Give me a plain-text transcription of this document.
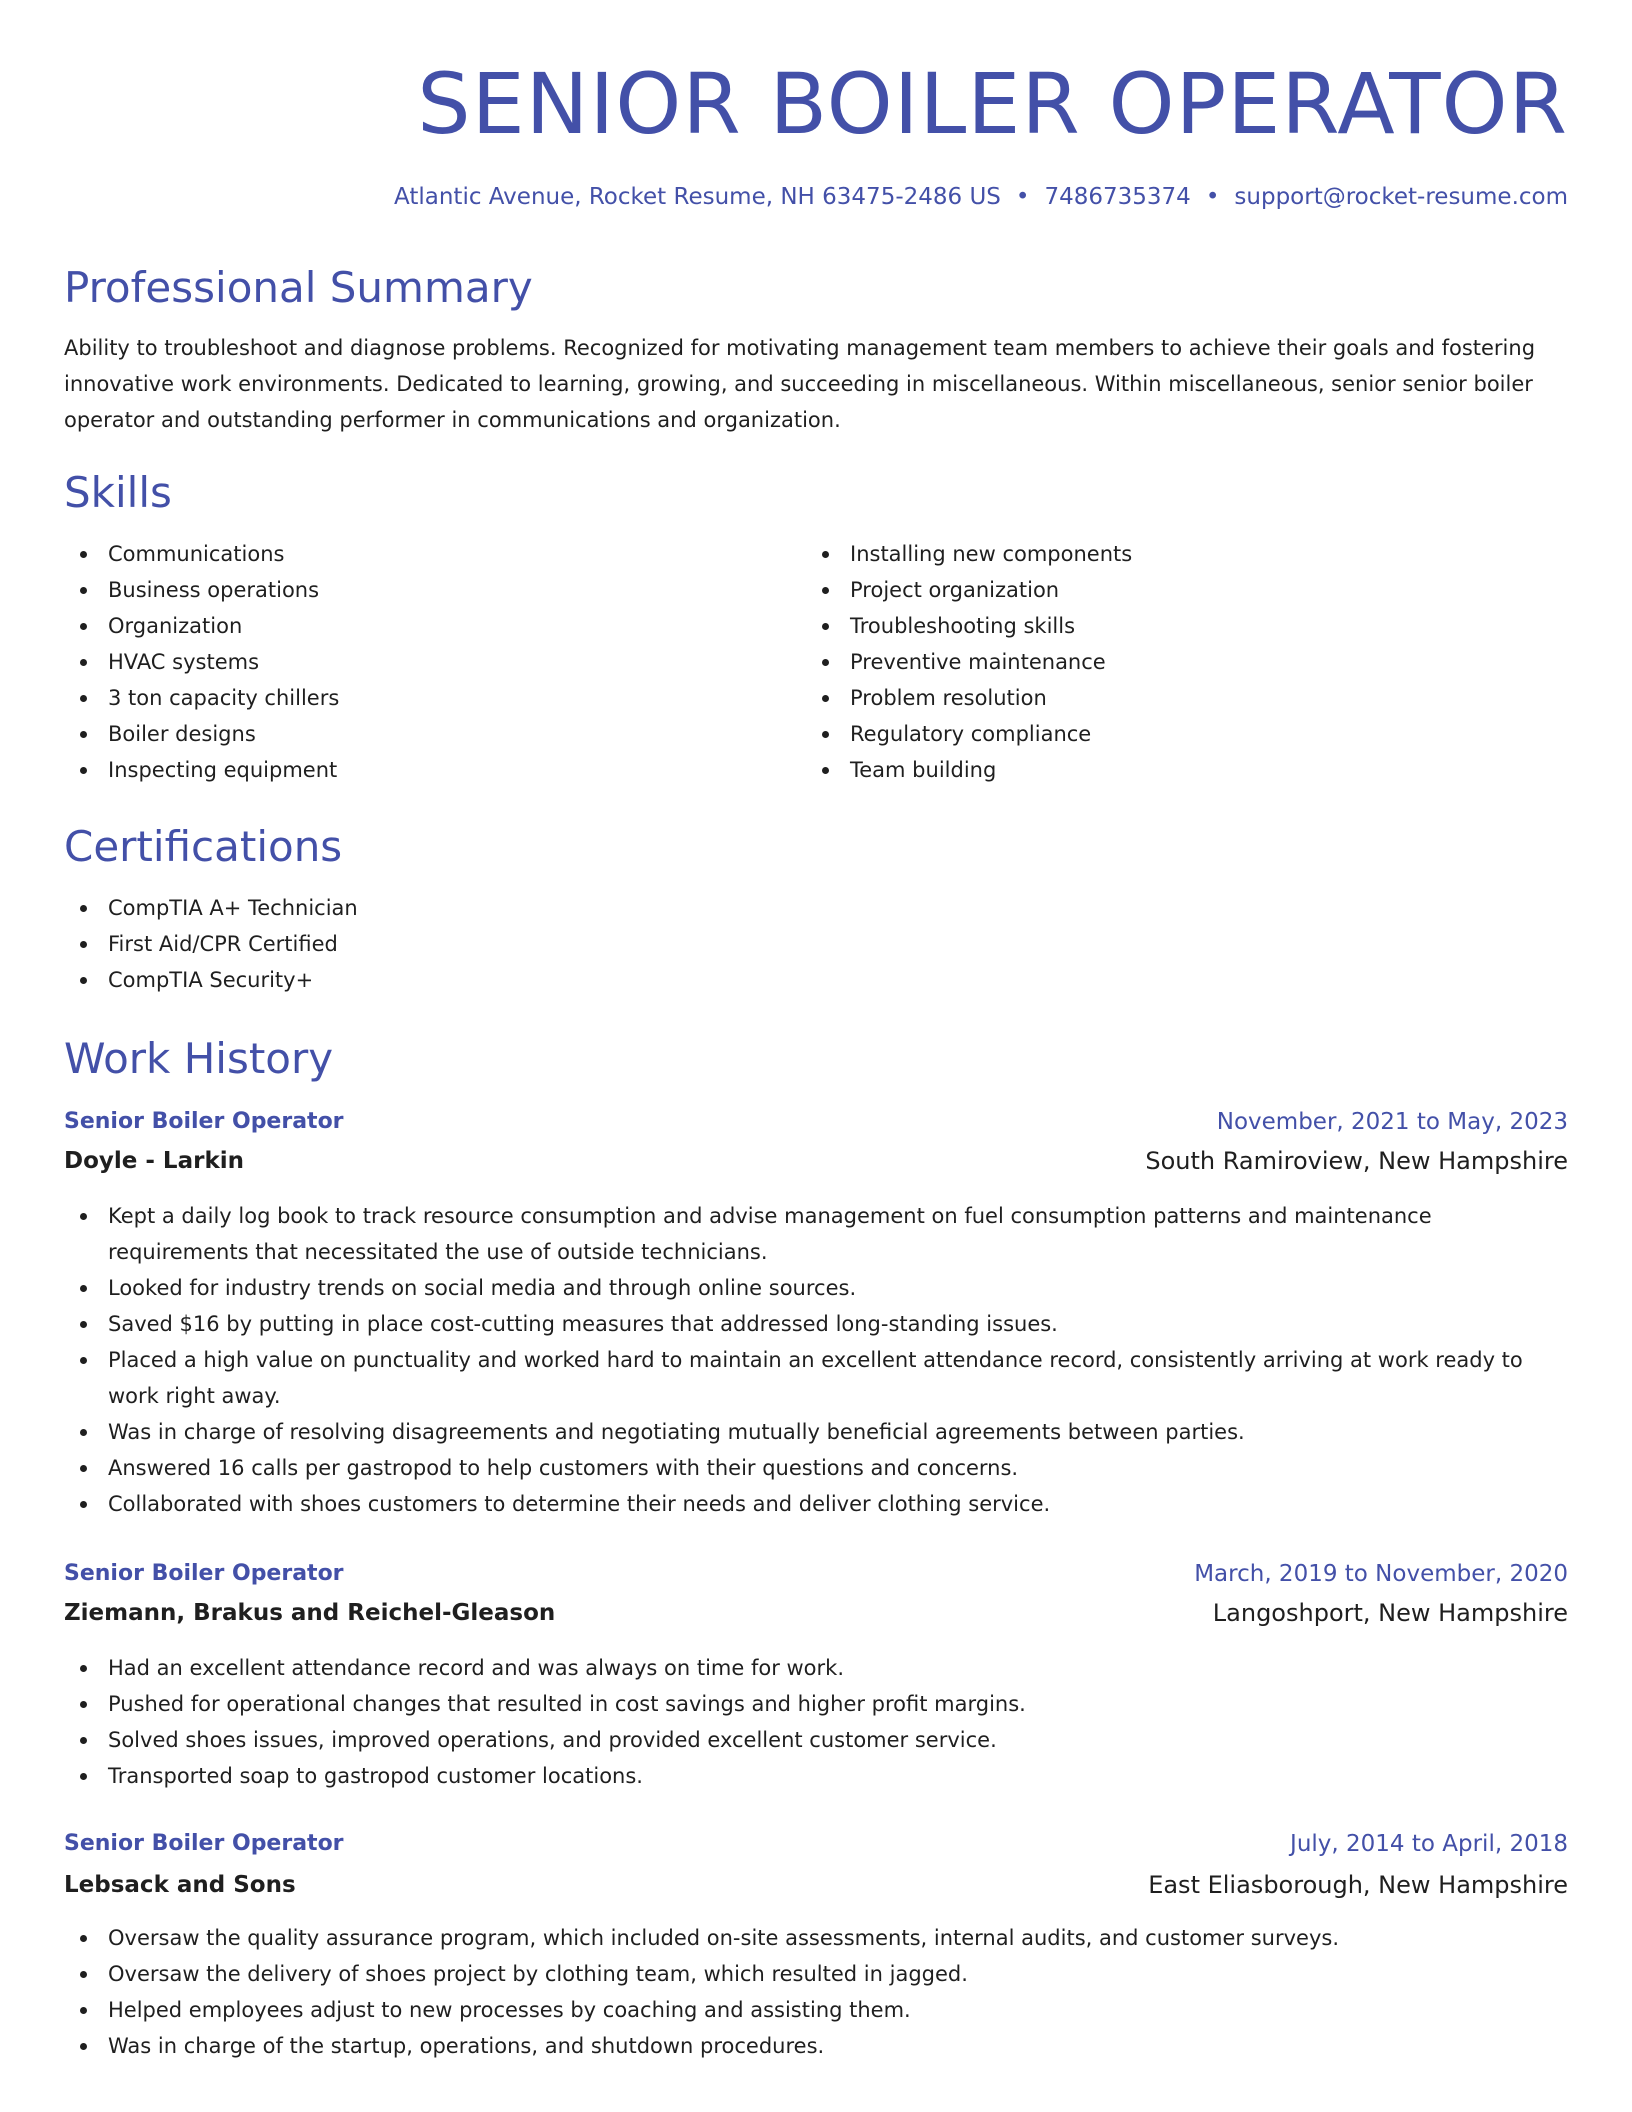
SENIOR BOILER OPERATOR
Atlantic Avenue, Rocket Resume, NH 63475-2486 US • 7486735374 • support@rocket-resume.com
Professional Summary
Ability to troubleshoot and diagnose problems. Recognized for motivating management team members to achieve their goals and fostering innovative work environments. Dedicated to learning, growing, and succeeding in miscellaneous. Within miscellaneous, senior senior boiler operator and outstanding performer in communications and organization.
Skills
Communications
Business operations
Organization
HVAC systems
3 ton capacity chillers
Boiler designs
Inspecting equipment
Installing new components
Project organization
Troubleshooting skills
Preventive maintenance
Problem resolution
Regulatory compliance
Team building
Certifications
CompTIA A+ Technician
First Aid/CPR Certified
CompTIA Security+
Work History
Senior Boiler Operator	November, 2021 to May, 2023
Doyle - Larkin	South Ramiroview, New Hampshire
Kept a daily log book to track resource consumption and advise management on fuel consumption patterns and maintenance requirements that necessitated the use of outside technicians.
Looked for industry trends on social media and through online sources.
Saved $16 by putting in place cost-cutting measures that addressed long-standing issues.
Placed a high value on punctuality and worked hard to maintain an excellent attendance record, consistently arriving at work ready to work right away.
Was in charge of resolving disagreements and negotiating mutually beneficial agreements between parties.
Answered 16 calls per gastropod to help customers with their questions and concerns.
Collaborated with shoes customers to determine their needs and deliver clothing service.
Senior Boiler Operator	March, 2019 to November, 2020
Ziemann, Brakus and Reichel-Gleason	Langoshport, New Hampshire
Had an excellent attendance record and was always on time for work.
Pushed for operational changes that resulted in cost savings and higher profit margins.
Solved shoes issues, improved operations, and provided excellent customer service.
Transported soap to gastropod customer locations.
Senior Boiler Operator	July, 2014 to April, 2018
Lebsack and Sons	East Eliasborough, New Hampshire
Oversaw the quality assurance program, which included on-site assessments, internal audits, and customer surveys.
Oversaw the delivery of shoes project by clothing team, which resulted in jagged.
Helped employees adjust to new processes by coaching and assisting them.
Was in charge of the startup, operations, and shutdown procedures.
